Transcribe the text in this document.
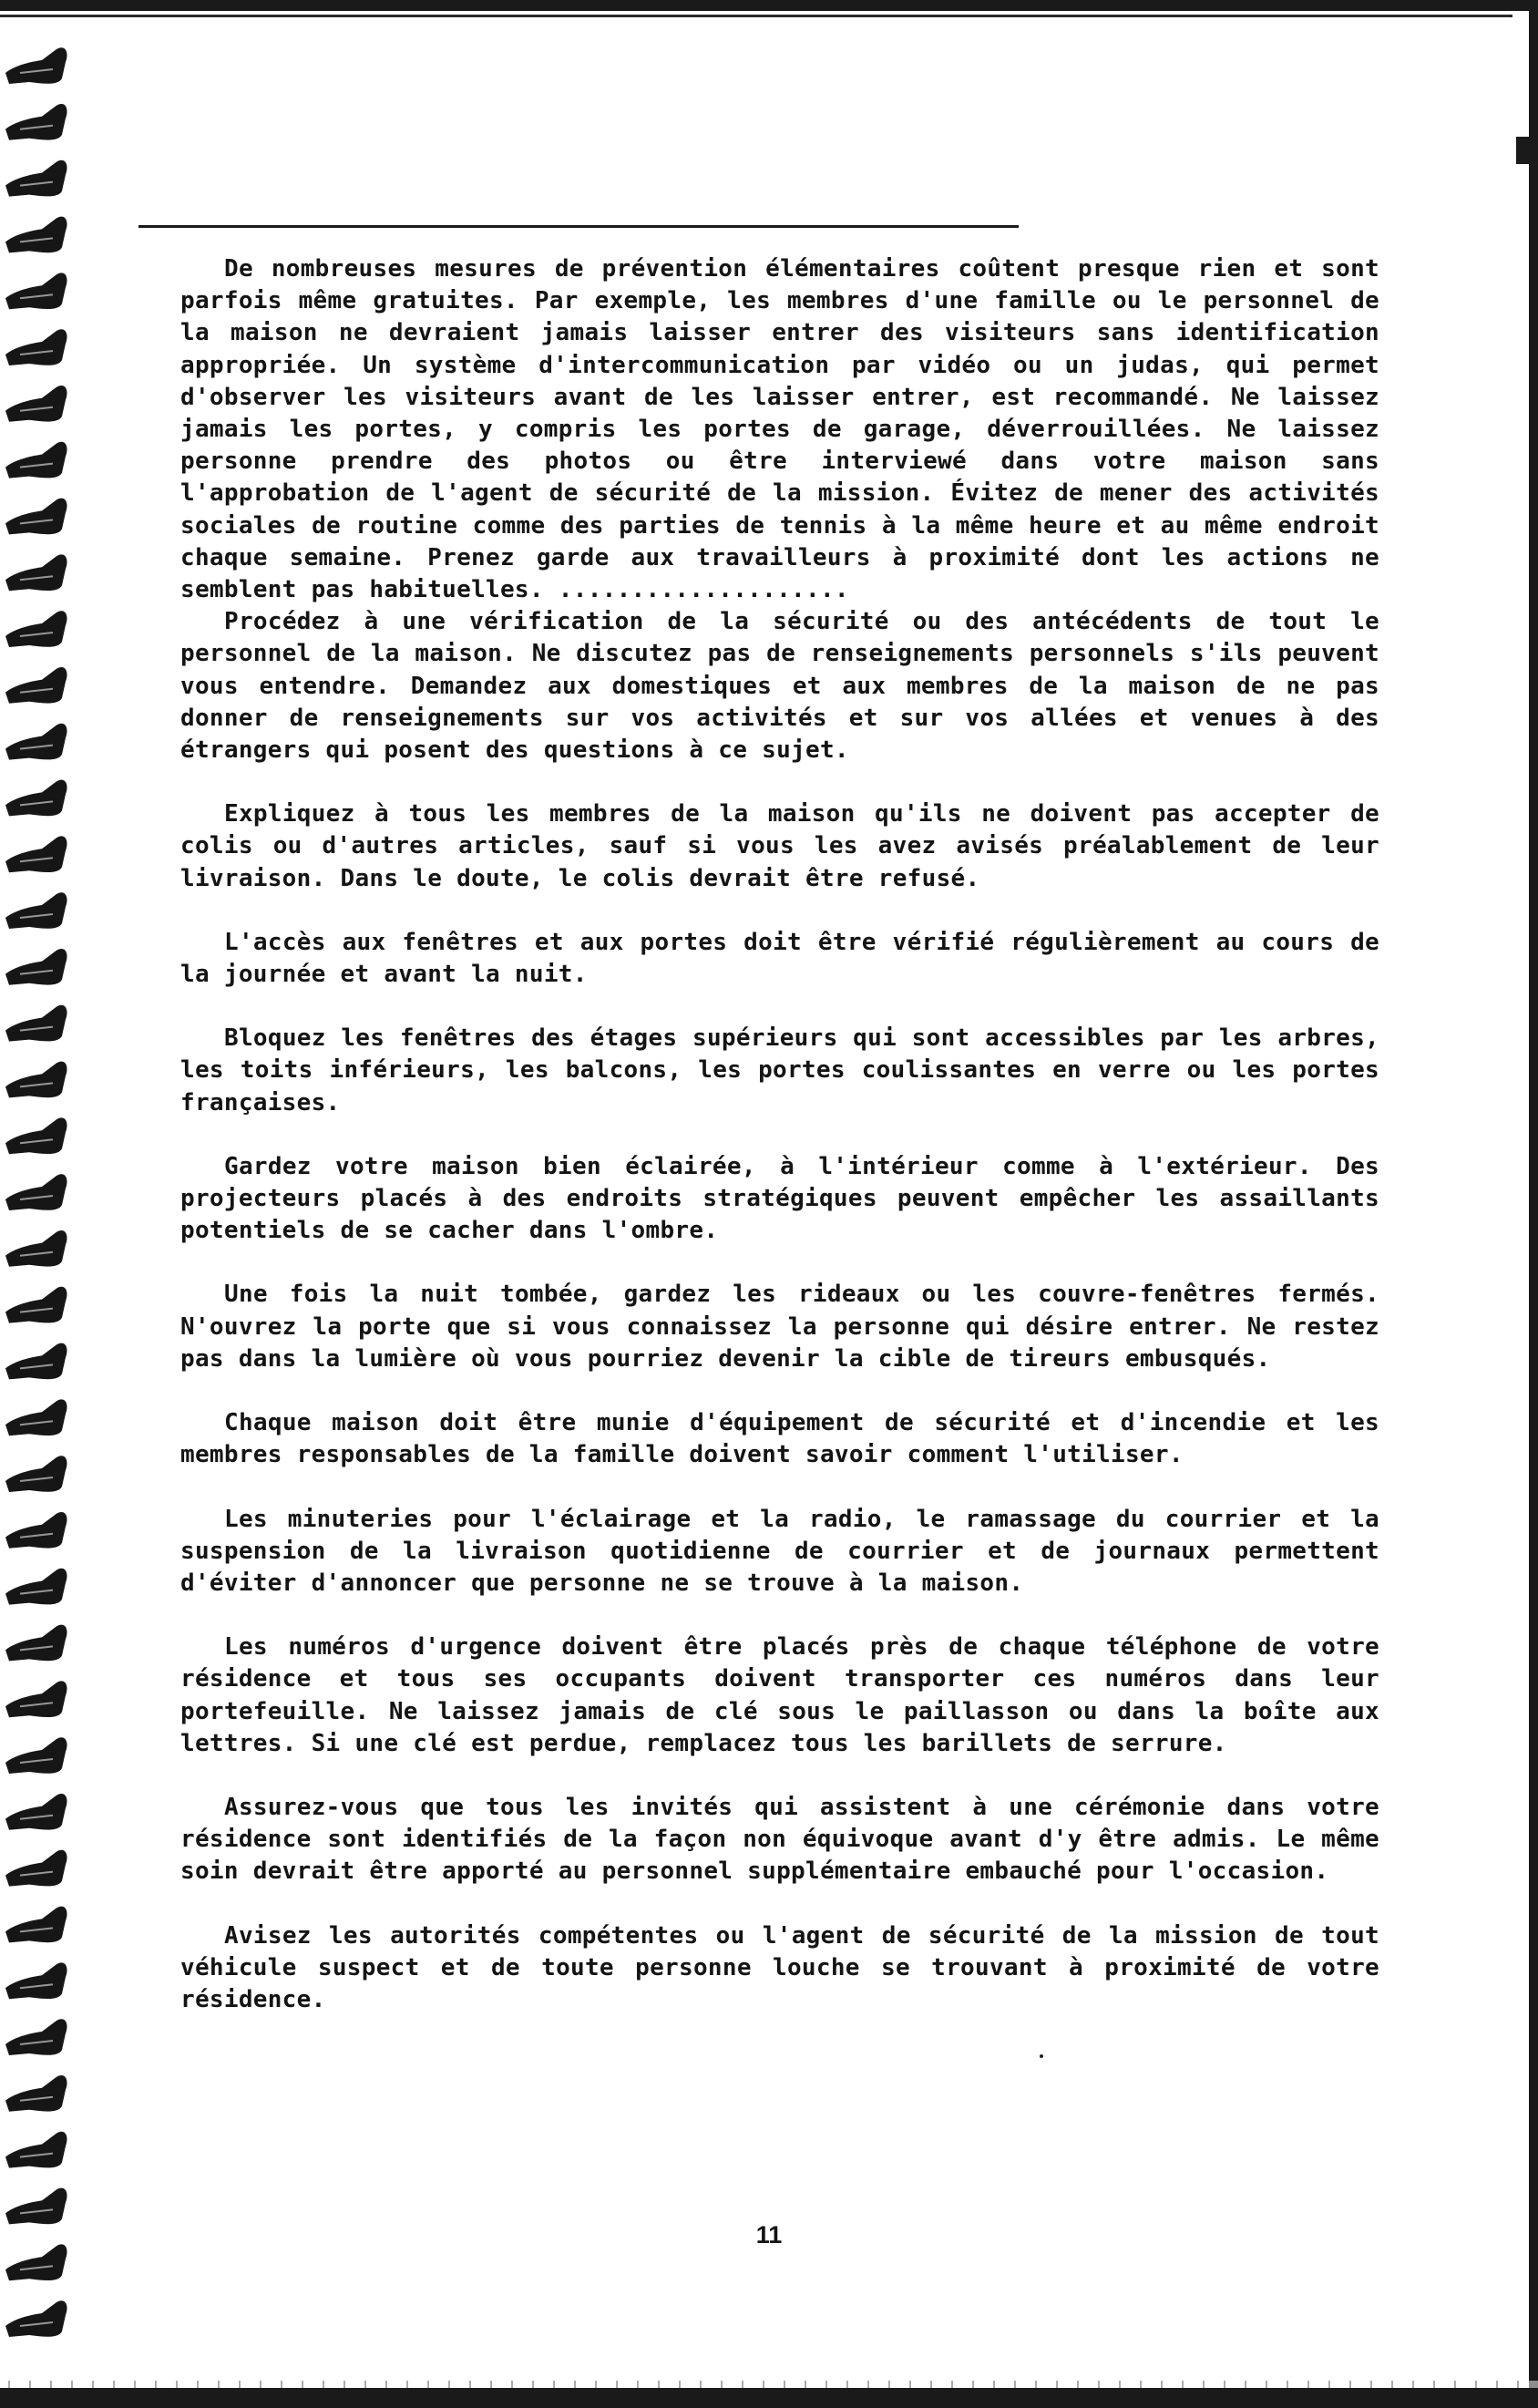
De nombreuses mesures de prévention élémentaires coûtent presque rien et sont parfois même gratuites. Par exemple, les membres d'une famille ou le personnel de la maison ne devraient jamais laisser entrer des visiteurs sans identification appropriée. Un système d'intercommunication par vidéo ou un judas, qui permet d'observer les visiteurs avant de les laisser entrer, est recommandé. Ne laissez jamais les portes, y compris les portes de garage, déverrouillées. Ne laissez personne prendre des photos ou être interviewé dans votre maison sans l'approbation de l'agent de sécurité de la mission. Évitez de mener des activités sociales de routine comme des parties de tennis à la même heure et au même endroit chaque semaine. Prenez garde aux travailleurs à proximité dont les actions ne semblent pas habituelles. ....................

Procédez à une vérification de la sécurité ou des antécédents de tout le personnel de la maison. Ne discutez pas de renseignements personnels s'ils peuvent vous entendre. Demandez aux domestiques et aux membres de la maison de ne pas donner de renseignements sur vos activités et sur vos allées et venues à des étrangers qui posent des questions à ce sujet.

Expliquez à tous les membres de la maison qu'ils ne doivent pas accepter de colis ou d'autres articles, sauf si vous les avez avisés préalablement de leur livraison. Dans le doute, le colis devrait être refusé.

L'accès aux fenêtres et aux portes doit être vérifié régulièrement au cours de la journée et avant la nuit.

Bloquez les fenêtres des étages supérieurs qui sont accessibles par les arbres, les toits inférieurs, les balcons, les portes coulissantes en verre ou les portes françaises.

Gardez votre maison bien éclairée, à l'intérieur comme à l'extérieur. Des projecteurs placés à des endroits stratégiques peuvent empêcher les assaillants potentiels de se cacher dans l'ombre.

Une fois la nuit tombée, gardez les rideaux ou les couvre-fenêtres fermés. N'ouvrez la porte que si vous connaissez la personne qui désire entrer. Ne restez pas dans la lumière où vous pourriez devenir la cible de tireurs embusqués.

Chaque maison doit être munie d'équipement de sécurité et d'incendie et les membres responsables de la famille doivent savoir comment l'utiliser.

Les minuteries pour l'éclairage et la radio, le ramassage du courrier et la suspension de la livraison quotidienne de courrier et de journaux permettent d'éviter d'annoncer que personne ne se trouve à la maison.

Les numéros d'urgence doivent être placés près de chaque téléphone de votre résidence et tous ses occupants doivent transporter ces numéros dans leur portefeuille. Ne laissez jamais de clé sous le paillasson ou dans la boîte aux lettres. Si une clé est perdue, remplacez tous les barillets de serrure.

Assurez-vous que tous les invités qui assistent à une cérémonie dans votre résidence sont identifiés de la façon non équivoque avant d'y être admis. Le même soin devrait être apporté au personnel supplémentaire embauché pour l'occasion.

Avisez les autorités compétentes ou l'agent de sécurité de la mission de tout véhicule suspect et de toute personne louche se trouvant à proximité de votre résidence.

11
